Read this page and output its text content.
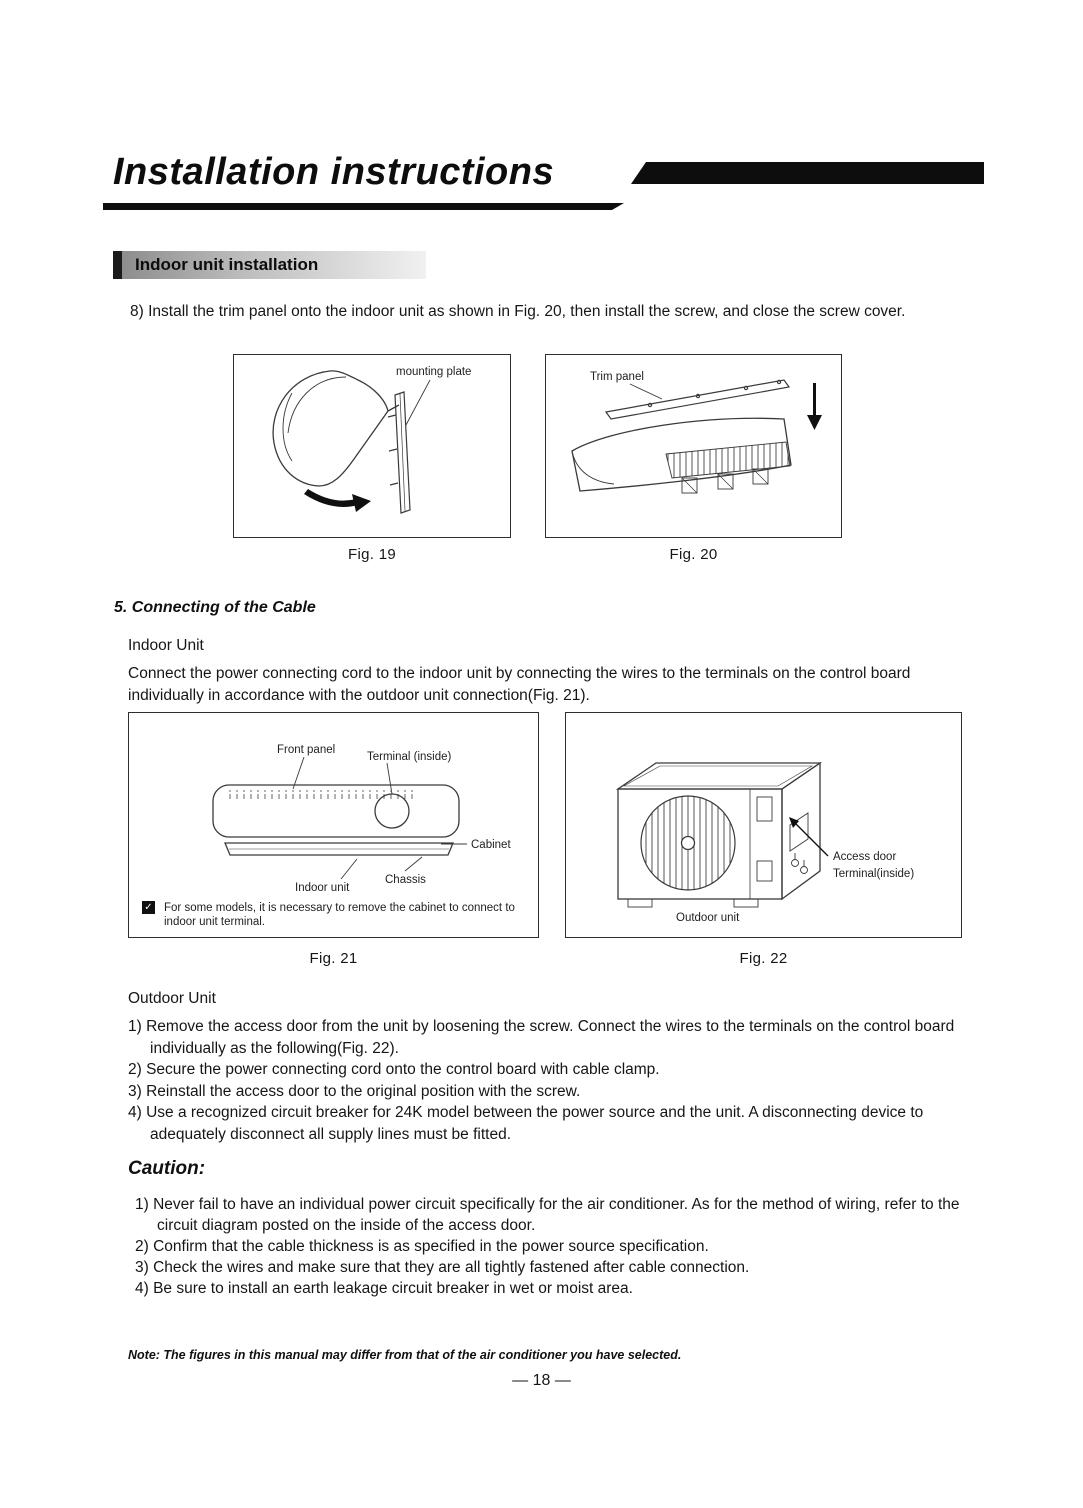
Installation instructions
Indoor unit installation

8) Install the trim panel onto the indoor unit as shown in Fig. 20, then install the screw, and close the screw cover.

mounting plate	Trim panel
Fig. 19	Fig. 20
5. Connecting of the Cable
Indoor Unit

Connect the power connecting cord to the indoor unit by connecting the wires to the terminals on the control board individually in accordance with the outdoor unit connection(Fig. 21).

Front panel
Terminal (inside)
Cabinet
Chassis
Indoor unit
✓ For some models, it is necessary to remove the cabinet to connect to indoor unit terminal.
Access door
Terminal(inside)
Outdoor unit
Fig. 21	Fig. 22
Outdoor Unit
1) Remove the access door from the unit by loosening the screw. Connect the wires to the terminals on the control board individually as the following(Fig. 22).
2) Secure the power connecting cord onto the control board with cable clamp.
3) Reinstall the access door to the original position with the screw.
4) Use a recognized circuit breaker for 24K model between the power source and the unit. A disconnecting device to adequately disconnect all supply lines must be fitted.
Caution:
1) Never fail to have an individual power circuit specifically for the air conditioner. As for the method of wiring, refer to the circuit diagram posted on the inside of the access door.
2) Confirm that the cable thickness is as specified in the power source specification.
3) Check the wires and make sure that they are all tightly fastened after cable connection.
4) Be sure to install an earth leakage circuit breaker in wet or moist area.
Note: The figures in this manual may differ from that of the air conditioner you have selected.
— 18 —
